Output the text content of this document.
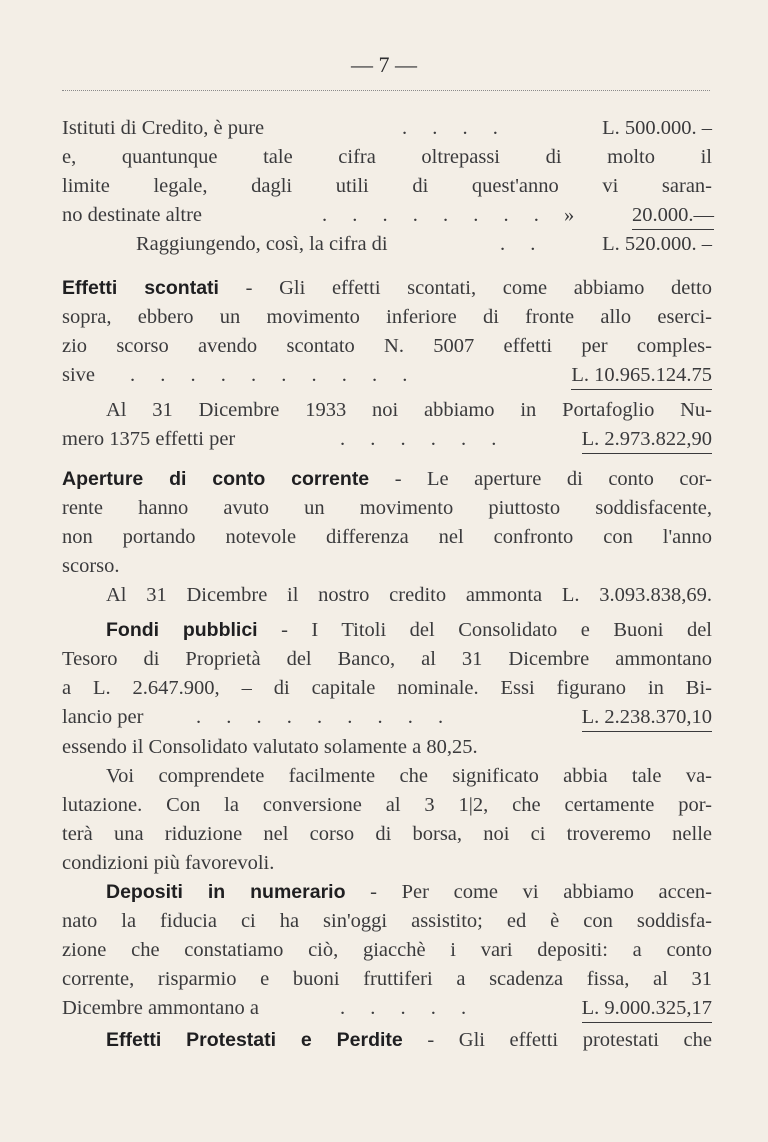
— 7 —
Istituti di Credito, è pure	. . . .	L. 500.000. –
e, quantunque tale cifra oltrepassi di molto il
limite legale, dagli utili di quest'anno vi saran-
no destinate altre	. . . . . . . . » 20.000.—
Raggiungendo, così, la cifra di	. .	L. 520.000. –
Effetti scontati - Gli effetti scontati, come abbiamo detto
sopra, ebbero un movimento inferiore di fronte allo eserci-
zio scorso avendo scontato N. 5007 effetti per comples-
sive . . . . . . . . . .	L. 10.965.124.75
Al 31 Dicembre 1933 noi abbiamo in Portafoglio Nu-
mero 1375 effetti per	. . . . . .	L. 2.973.822,90
Aperture di conto corrente - Le aperture di conto cor-
rente hanno avuto un movimento piuttosto soddisfacente,
non portando notevole differenza nel confronto con l'anno
scorso.
Al 31 Dicembre il nostro credito ammonta L. 3.093.838,69.
Fondi pubblici - I Titoli del Consolidato e Buoni del
Tesoro di Proprietà del Banco, al 31 Dicembre ammontano
a L. 2.647.900, – di capitale nominale. Essi figurano in Bi-
lancio per	. . . . . . . . .	L. 2.238.370,10
essendo il Consolidato valutato solamente a 80,25.
Voi comprendete facilmente che significato abbia tale va-
lutazione. Con la conversione al 3 1|2, che certamente por-
terà una riduzione nel corso di borsa, noi ci troveremo nelle
condizioni più favorevoli.
Depositi in numerario - Per come vi abbiamo accen-
nato la fiducia ci ha sin'oggi assistito; ed è con soddisfa-
zione che constatiamo ciò, giacchè i vari depositi: a conto
corrente, risparmio e buoni fruttiferi a scadenza fissa, al 31
Dicembre ammontano a	. . . . .	L. 9.000.325,17
Effetti Protestati e Perdite - Gli effetti protestati che
